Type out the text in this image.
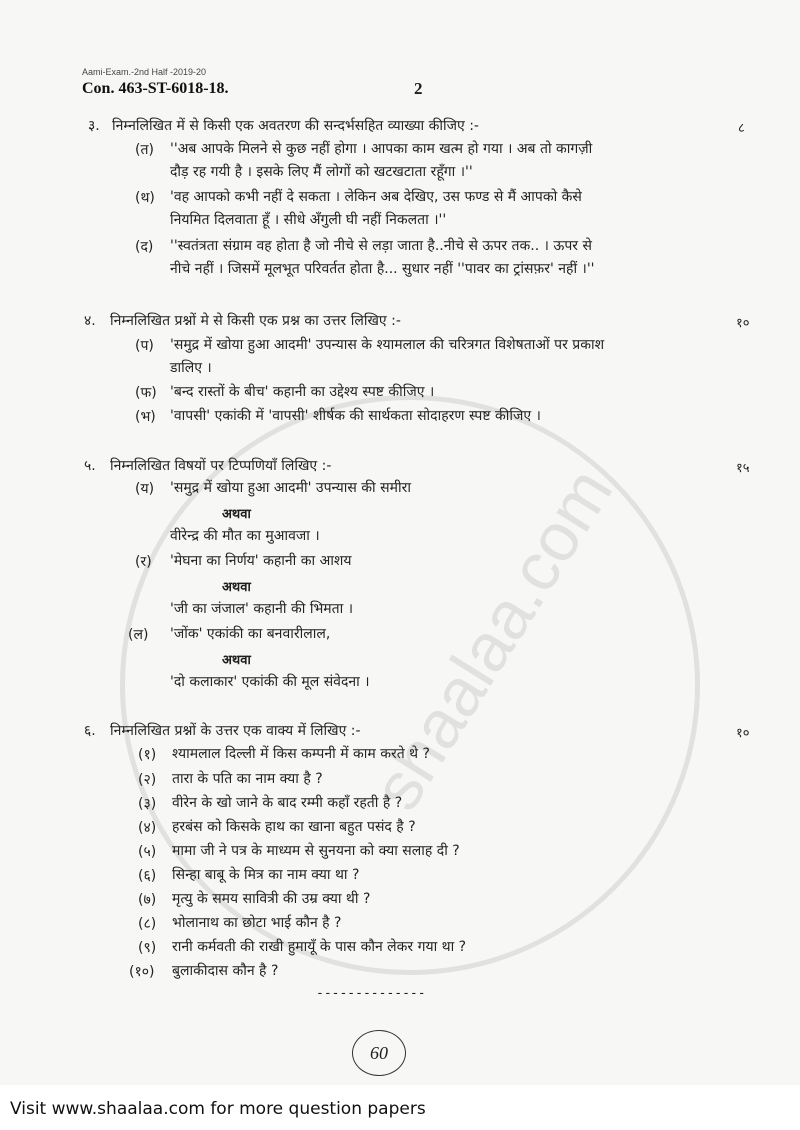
shaalaa.com
Aami-Exam.-2nd Half -2019-20
Con. 463-ST-6018-18.	2
३. निम्नलिखित में से किसी एक अवतरण की सन्दर्भसहित व्याख्या कीजिए :-	८
(त) ''अब आपके मिलने से कुछ नहीं होगा । आपका काम खत्म हो गया । अब तो कागज़ी
दौड़ रह गयी है । इसके लिए मैं लोगों को खटखटाता रहूँगा ।''
(थ) 'वह आपको कभी नहीं दे सकता । लेकिन अब देखिए, उस फण्ड से मैं आपको कैसे
नियमित दिलवाता हूँ । सीधे अँगुली घी नहीं निकलता ।''
(द) ''स्वतंत्रता संग्राम वह होता है जो नीचे से लड़ा जाता है..नीचे से ऊपर तक.. । ऊपर से
नीचे नहीं । जिसमें मूलभूत परिवर्तत होता है... सुधार नहीं ''पावर का ट्रांसफ़र' नहीं ।''
४. निम्नलिखित प्रश्नों मे से किसी एक प्रश्न का उत्तर लिखिए :-	१०
(प) 'समुद्र में खोया हुआ आदमी' उपन्यास के श्यामलाल की चरित्रगत विशेषताओं पर प्रकाश
डालिए ।
(फ) 'बन्द रास्तों के बीच' कहानी का उद्देश्य स्पष्ट कीजिए ।
(भ) 'वापसी' एकांकी में 'वापसी' शीर्षक की सार्थकता सोदाहरण स्पष्ट कीजिए ।
५. निम्नलिखित विषयों पर टिप्पणियाँ लिखिए :-	१५
(य) 'समुद्र में खोया हुआ आदमी' उपन्यास की समीरा
अथवा
वीरेन्द्र की मौत का मुआवजा ।
(र) 'मेघना का निर्णय' कहानी का आशय
अथवा
'जी का जंजाल' कहानी की भिमता ।
(ल) 'जोंक' एकांकी का बनवारीलाल,
अथवा
'दो कलाकार' एकांकी की मूल संवेदना ।
६. निम्नलिखित प्रश्नों के उत्तर एक वाक्य में लिखिए :-	१०
(१) श्यामलाल दिल्ली में किस कम्पनी में काम करते थे ?
(२) तारा के पति का नाम क्या है ?
(३) वीरेन के खो जाने के बाद रम्मी कहाँ रहती है ?
(४) हरबंस को किसके हाथ का खाना बहुत पसंद है ?
(५) मामा जी ने पत्र के माध्यम से सुनयना को क्या सलाह दी ?
(६) सिन्हा बाबू के मित्र का नाम क्या था ?
(७) मृत्यु के समय सावित्री की उम्र क्या थी ?
(८) भोलानाथ का छोटा भाई कौन है ?
(९) रानी कर्मवती की राखी हुमायूँ के पास कौन लेकर गया था ?
(१०) बुलाकीदास कौन है ?
--------------
60
Visit www.shaalaa.com for more question papers
